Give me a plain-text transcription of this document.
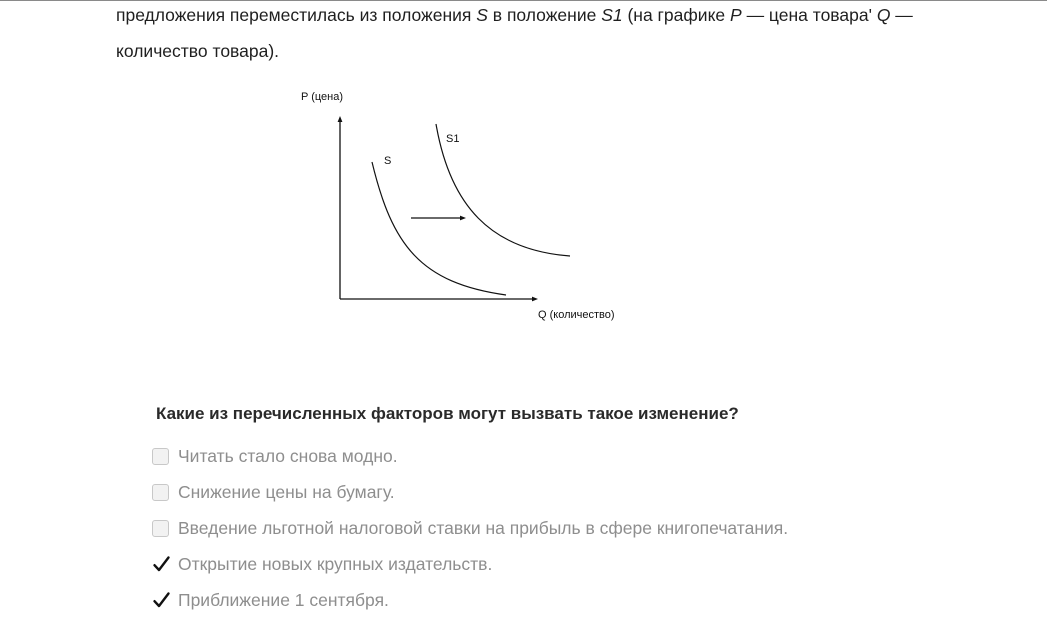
предложения переместилась из положения S в положение S1 (на графике P — цена товара' Q —
количество товара).
P (цена)
Q (количество)
S
S1
Какие из перечисленных факторов могут вызвать такое изменение?
Читать стало снова модно.
Снижение цены на бумагу.
Введение льготной налоговой ставки на прибыль в сфере книгопечатания.
Открытие новых крупных издательств.
Приближение 1 сентября.
